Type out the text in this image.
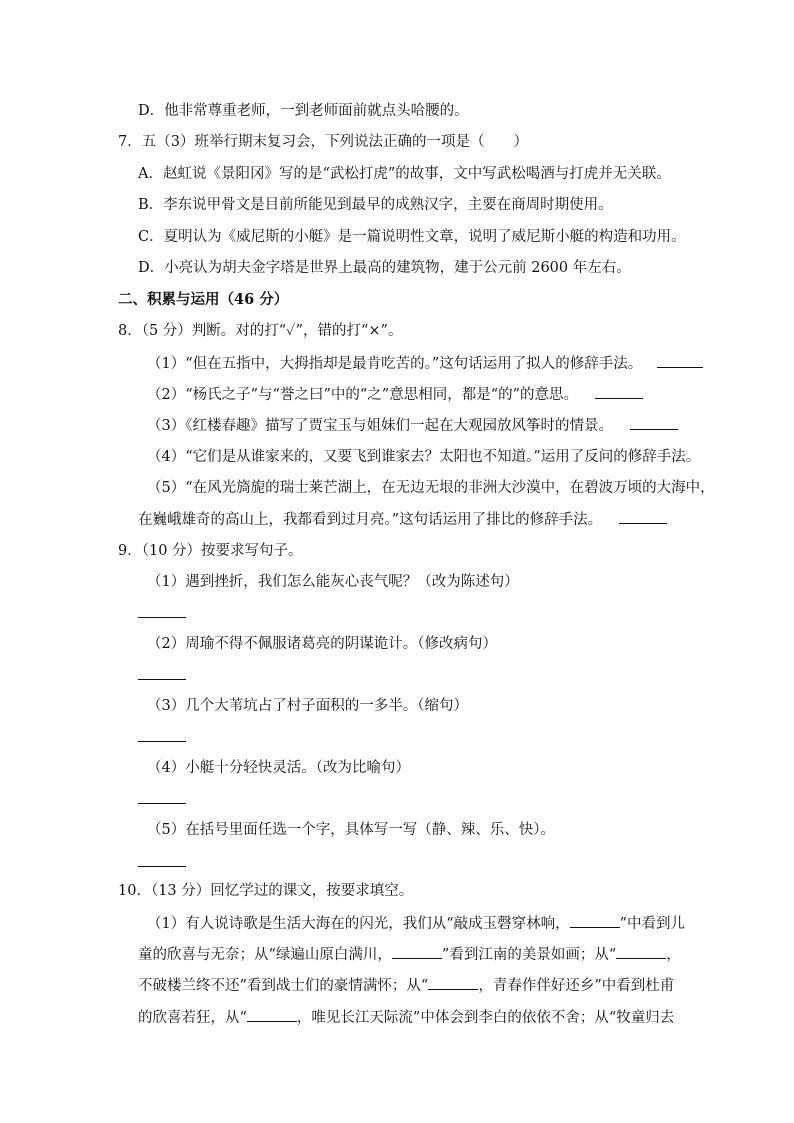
D．他非常尊重老师，一到老师面前就点头哈腰的。
7．五（3）班举行期末复习会，下列说法正确的一项是（　　）
A．赵虹说《景阳冈》写的是“武松打虎”的故事，文中写武松喝酒与打虎并无关联。
B．李东说甲骨文是目前所能见到最早的成熟汉字，主要在商周时期使用。
C．夏明认为《威尼斯的小艇》是一篇说明性文章，说明了威尼斯小艇的构造和功用。
D．小亮认为胡夫金字塔是世界上最高的建筑物，建于公元前 2600 年左右。
二、积累与运用（46 分）
8．（5 分）判断。对的打“✓”，错的打“×”。
（1）“但在五指中，大拇指却是最肯吃苦的。”这句话运用了拟人的修辞手法。
（2）“杨氏之子”与“誉之曰”中的“之”意思相同，都是“的”的意思。
（3）《红楼春趣》描写了贾宝玉与姐妹们一起在大观园放风筝时的情景。
（4）“它们是从谁家来的，又要飞到谁家去？太阳也不知道。”运用了反问的修辞手法。
（5）“在风光旖旎的瑞士莱芒湖上，在无边无垠的非洲大沙漠中，在碧波万顷的大海中，
在巍峨雄奇的高山上，我都看到过月亮。”这句话运用了排比的修辞手法。
9．（10 分）按要求写句子。
（1）遇到挫折，我们怎么能灰心丧气呢？（改为陈述句）
（2）周瑜不得不佩服诸葛亮的阴谋诡计。（修改病句）
（3）几个大苇坑占了村子面积的一多半。（缩句）
（4）小艇十分轻快灵活。（改为比喻句）
（5）在括号里面任选一个字，具体写一写（静、辣、乐、快）。
10．（13 分）回忆学过的课文，按要求填空。
（1）有人说诗歌是生活大海在的闪光，我们从“敲成玉磬穿林响，	”中看到儿
童的欣喜与无奈；从“绿遍山原白满川，	”看到江南的美景如画；从“	，
不破楼兰终不还”看到战士们的豪情满怀；从“	，青春作伴好还乡”中看到杜甫
的欣喜若狂，从“	，唯见长江天际流”中体会到李白的依依不舍；从“牧童归去
